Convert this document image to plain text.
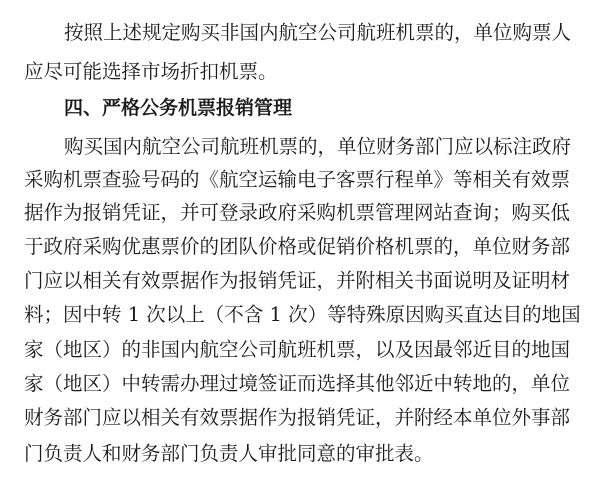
按照上述规定购买非国内航空公司航班机票的，单位购票人
应尽可能选择市场折扣机票。
四、严格公务机票报销管理
购买国内航空公司航班机票的，单位财务部门应以标注政府
采购机票查验号码的《航空运输电子客票行程单》等相关有效票
据作为报销凭证，并可登录政府采购机票管理网站查询；购买低
于政府采购优惠票价的团队价格或促销价格机票的，单位财务部
门应以相关有效票据作为报销凭证，并附相关书面说明及证明材
料；因中转 1 次以上（不含 1 次）等特殊原因购买直达目的地国
家（地区）的非国内航空公司航班机票，以及因最邻近目的地国
家（地区）中转需办理过境签证而选择其他邻近中转地的，单位
财务部门应以相关有效票据作为报销凭证，并附经本单位外事部
门负责人和财务部门负责人审批同意的审批表。
